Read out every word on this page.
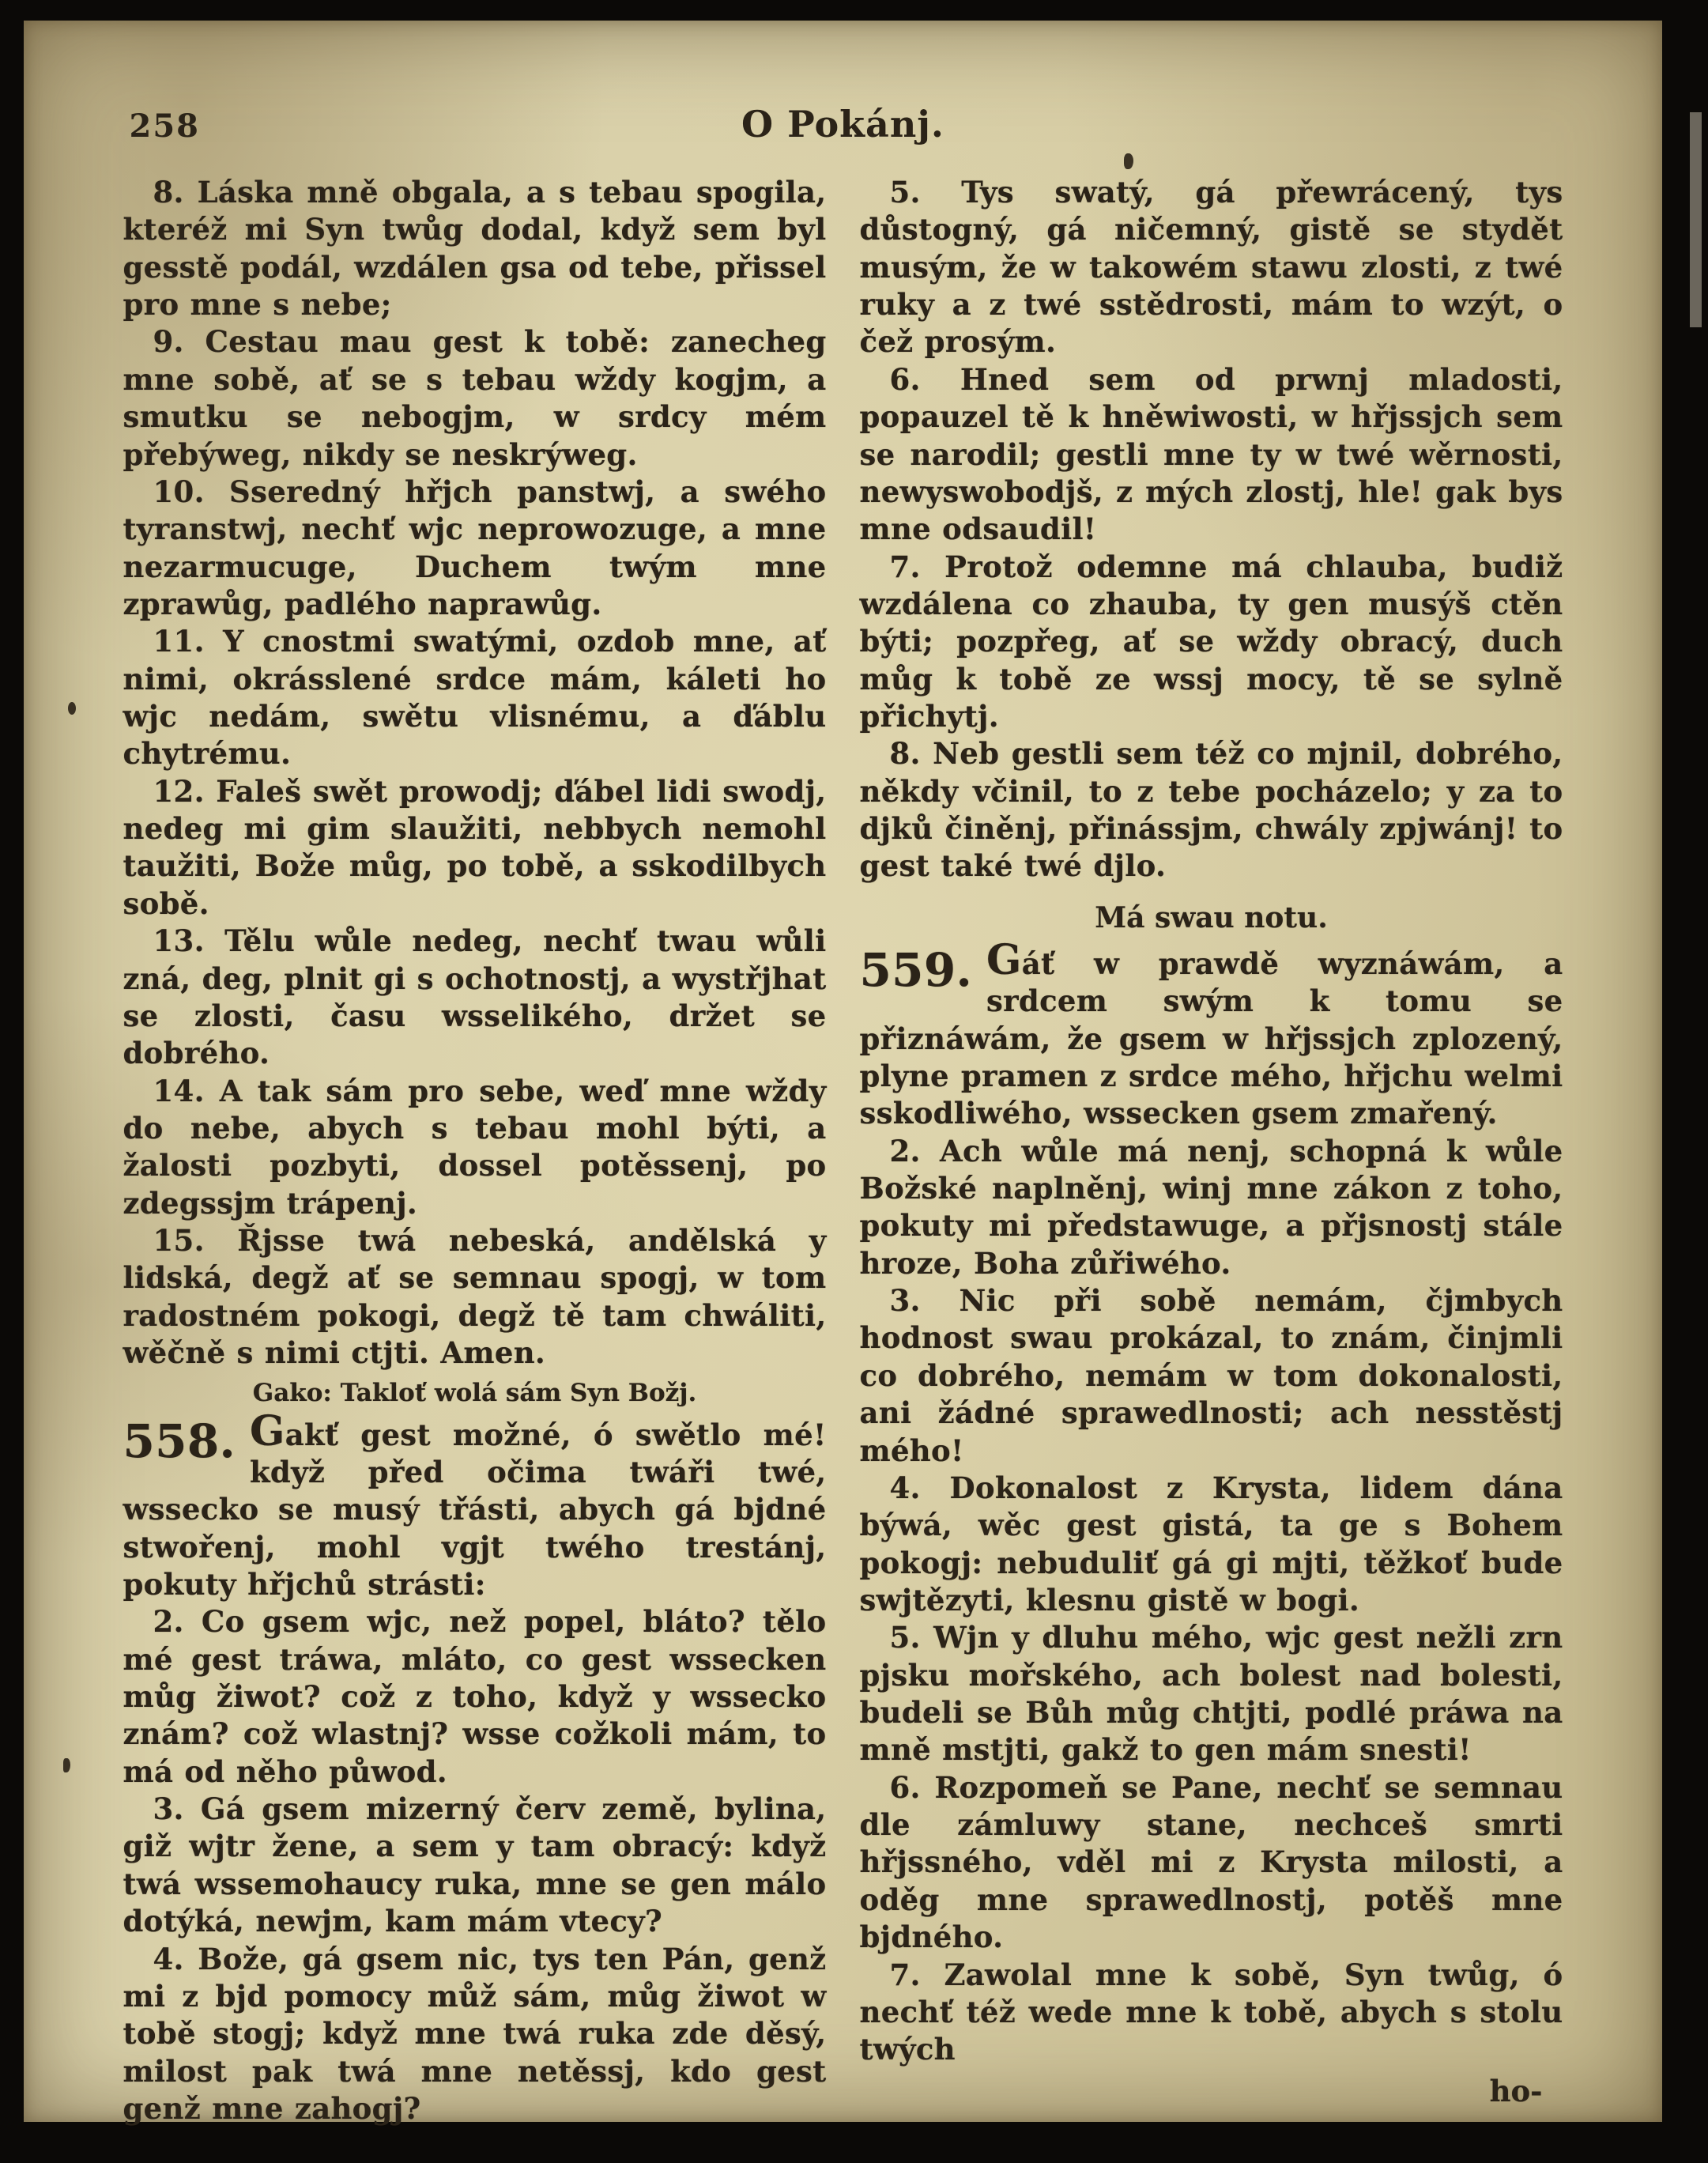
258	O Pokánj.

8. Láska mně obgala, a s tebau spogila, kteréž mi Syn twůg dodal, když sem byl gesstě podál, wzdálen gsa od tebe, přissel pro mne s nebe;

9. Cestau mau gest k tobě: zanecheg mne sobě, ať se s tebau wždy kogjm, a smutku se nebogjm, w srdcy mém přebýweg, nikdy se neskrýweg.

10. Sseredný hřjch panstwj, a swého tyranstwj, nechť wjc neprowozuge, a mne nezarmucuge, Duchem twým mne zprawůg, padlého naprawůg.

11. Y cnostmi swatými, ozdob mne, ať nimi, okrásslené srdce mám, káleti ho wjc nedám, swětu vlisnému, a ďáblu chytrému.

12. Faleš swět prowodj; ďábel lidi swodj, nedeg mi gim slaužiti, nebbych nemohl taužiti, Bože můg, po tobě, a sskodilbych sobě.

13. Tělu wůle nedeg, nechť twau wůli zná, deg, plnit gi s ochotnostj, a wystřjhat se zlosti, času wsselikého, držet se dobrého.

14. A tak sám pro sebe, weď mne wždy do nebe, abych s tebau mohl býti, a žalosti pozbyti, dossel potěssenj, po zdegssjm trápenj.

15. Řjsse twá nebeská, andělská y lidská, degž ať se semnau spogj, w tom radostném pokogi, degž tě tam chwáliti, wěčně s nimi ctjti. Amen.

Gako: Takloť wolá sám Syn Božj.

558. Gakť gest možné, ó swětlo mé! když před očima twáři twé, wssecko se musý třásti, abych gá bjdné stwořenj, mohl vgjt twého trestánj, pokuty hřjchů strásti:

2. Co gsem wjc, než popel, bláto? tělo mé gest tráwa, mláto, co gest wssecken můg žiwot? což z toho, když y wssecko znám? což wlastnj? wsse cožkoli mám, to má od něho půwod.

3. Gá gsem mizerný červ země, bylina, giž wjtr žene, a sem y tam obracý: když twá wssemohaucy ruka, mne se gen málo dotýká, newjm, kam mám vtecy?

4. Bože, gá gsem nic, tys ten Pán, genž mi z bjd pomocy můž sám, můg žiwot w tobě stogj; když mne twá ruka zde děsý, milost pak twá mne netěssj, kdo gest genž mne zahogj?

5. Tys swatý, gá přewrácený, tys důstogný, gá ničemný, gistě se stydět musým, že w takowém stawu zlosti, z twé ruky a z twé sstědrosti, mám to wzýt, o čež prosým.

6. Hned sem od prwnj mladosti, popauzel tě k hněwiwosti, w hřjssjch sem se narodil; gestli mne ty w twé wěrnosti, newyswobodjš, z mých zlostj, hle! gak bys mne odsaudil!

7. Protož odemne má chlauba, budiž wzdálena co zhauba, ty gen musýš ctěn býti; pozpřeg, ať se wždy obracý, duch můg k tobě ze wssj mocy, tě se sylně přichytj.

8. Neb gestli sem též co mjnil, dobrého, někdy včinil, to z tebe pocházelo; y za to djků činěnj, přinássjm, chwály zpjwánj! to gest také twé djlo.

Má swau notu.

559. Gáť w prawdě wyznáwám, a srdcem swým k tomu se přiznáwám, že gsem w hřjssjch zplozený, plyne pramen z srdce mého, hřjchu welmi sskodliwého, wssecken gsem zmařený.

2. Ach wůle má nenj, schopná k wůle Božské naplněnj, winj mne zákon z toho, pokuty mi předstawuge, a přjsnostj stále hroze, Boha zůřiwého.

3. Nic při sobě nemám, čjmbych hodnost swau prokázal, to znám, činjmli co dobrého, nemám w tom dokonalosti, ani žádné sprawedlnosti; ach nesstěstj mého!

4. Dokonalost z Krysta, lidem dána býwá, wěc gest gistá, ta ge s Bohem pokogj: nebuduliť gá gi mjti, těžkoť bude swjtězyti, klesnu gistě w bogi.

5. Wjn y dluhu mého, wjc gest nežli zrn pjsku mořského, ach bolest nad bolesti, budeli se Bůh můg chtjti, podlé práwa na mně mstjti, gakž to gen mám snesti!

6. Rozpomeň se Pane, nechť se semnau dle zámluwy stane, nechceš smrti hřjssného, vděl mi z Krysta milosti, a oděg mne sprawedlnostj, potěš mne bjdného.

7. Zawolal mne k sobě, Syn twůg, ó nechť též wede mne k tobě, abych s stolu twých

ho-
